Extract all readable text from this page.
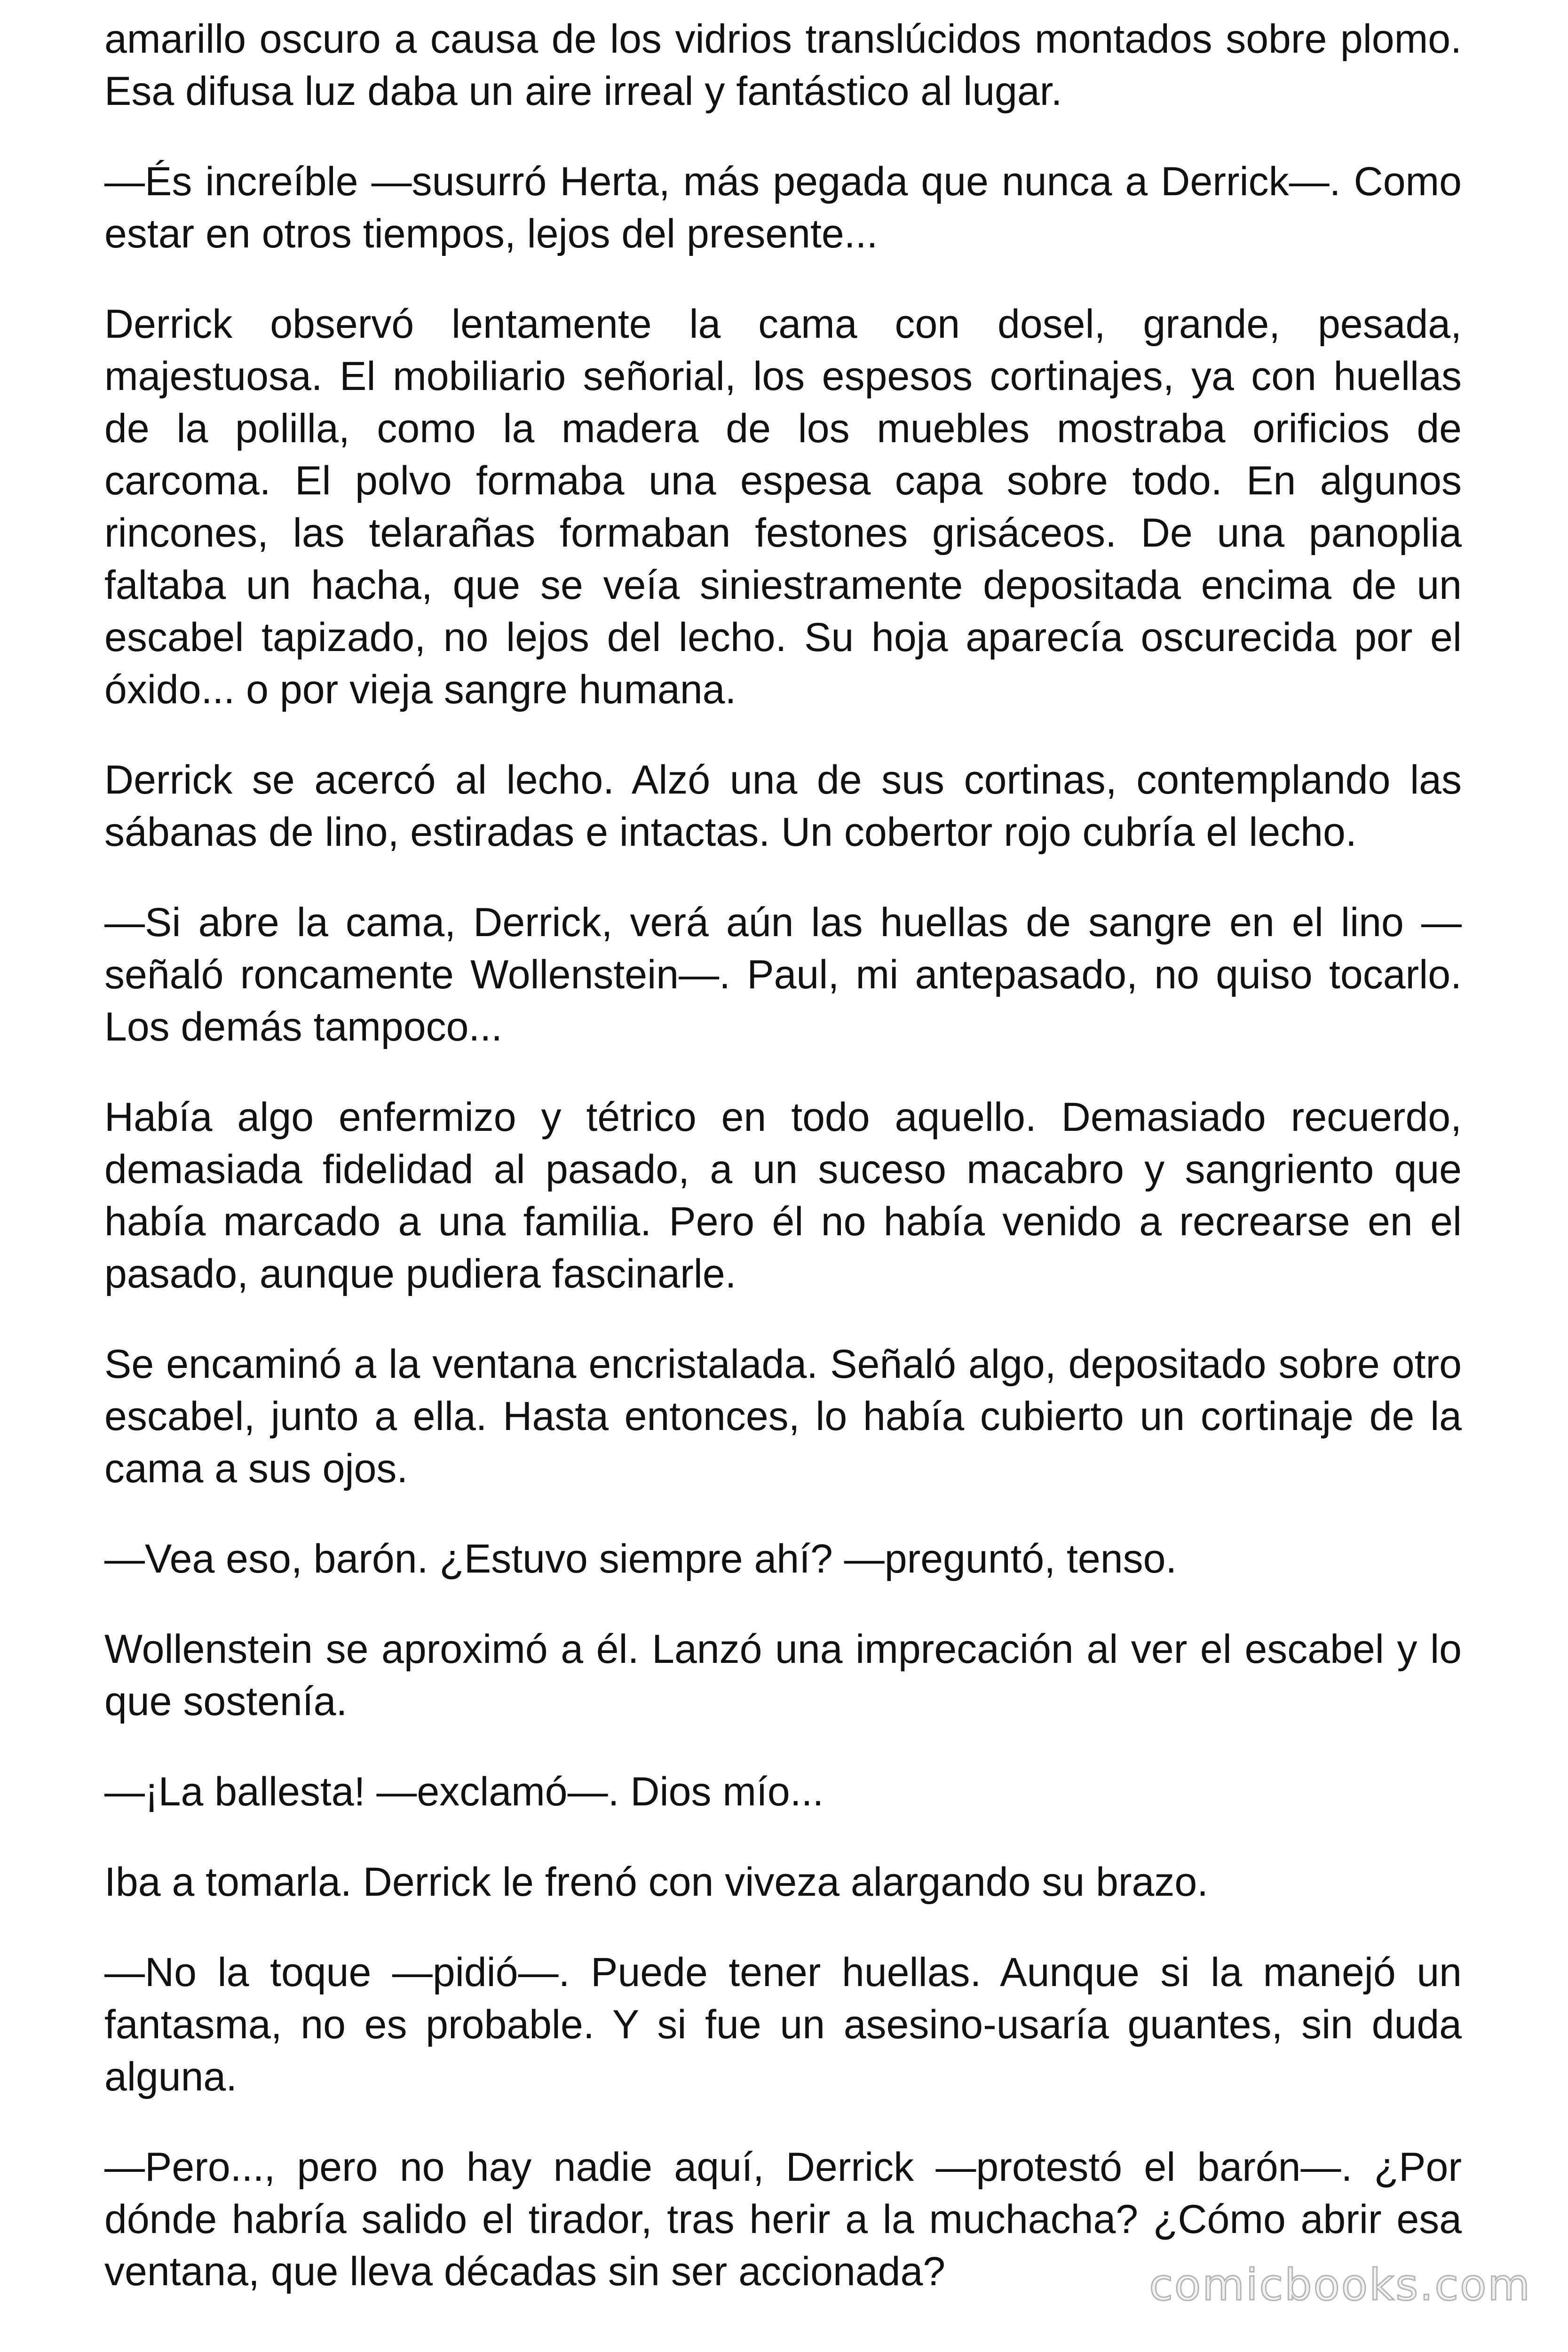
amarillo oscuro a causa de los vidrios translúcidos montados sobre plomo. Esa difusa luz daba un aire irreal y fantástico al lugar.

—És increíble —susurró Herta, más pegada que nunca a Derrick—. Como estar en otros tiempos, lejos del presente...

Derrick observó lentamente la cama con dosel, grande, pesada, majestuosa. El mobiliario señorial, los espesos cortinajes, ya con huellas de la polilla, como la madera de los muebles mostraba orificios de carcoma. El polvo formaba una espesa capa sobre todo. En algunos rincones, las telarañas formaban festones grisáceos. De una panoplia faltaba un hacha, que se veía siniestramente depositada encima de un escabel tapizado, no lejos del lecho. Su hoja aparecía oscurecida por el óxido... o por vieja sangre humana.

Derrick se acercó al lecho. Alzó una de sus cortinas, contemplando las sábanas de lino, estiradas e intactas. Un cobertor rojo cubría el lecho.

—Si abre la cama, Derrick, verá aún las huellas de sangre en el lino —señaló roncamente Wollenstein—. Paul, mi antepasado, no quiso tocarlo. Los demás tampoco...

Había algo enfermizo y tétrico en todo aquello. Demasiado recuerdo, demasiada fidelidad al pasado, a un suceso macabro y sangriento que había marcado a una familia. Pero él no había venido a recrearse en el pasado, aunque pudiera fascinarle.

Se encaminó a la ventana encristalada. Señaló algo, depositado sobre otro escabel, junto a ella. Hasta entonces, lo había cubierto un cortinaje de la cama a sus ojos.

—Vea eso, barón. ¿Estuvo siempre ahí? —preguntó, tenso.

Wollenstein se aproximó a él. Lanzó una imprecación al ver el escabel y lo que sostenía.

—¡La ballesta! —exclamó—. Dios mío...

Iba a tomarla. Derrick le frenó con viveza alargando su brazo.

—No la toque —pidió—. Puede tener huellas. Aunque si la manejó un fantasma, no es probable. Y si fue un asesino-usaría guantes, sin duda alguna.

—Pero..., pero no hay nadie aquí, Derrick —protestó el barón—. ¿Por dónde habría salido el tirador, tras herir a la muchacha? ¿Cómo abrir esa ventana, que lleva décadas sin ser accionada?	comicbooks.com
